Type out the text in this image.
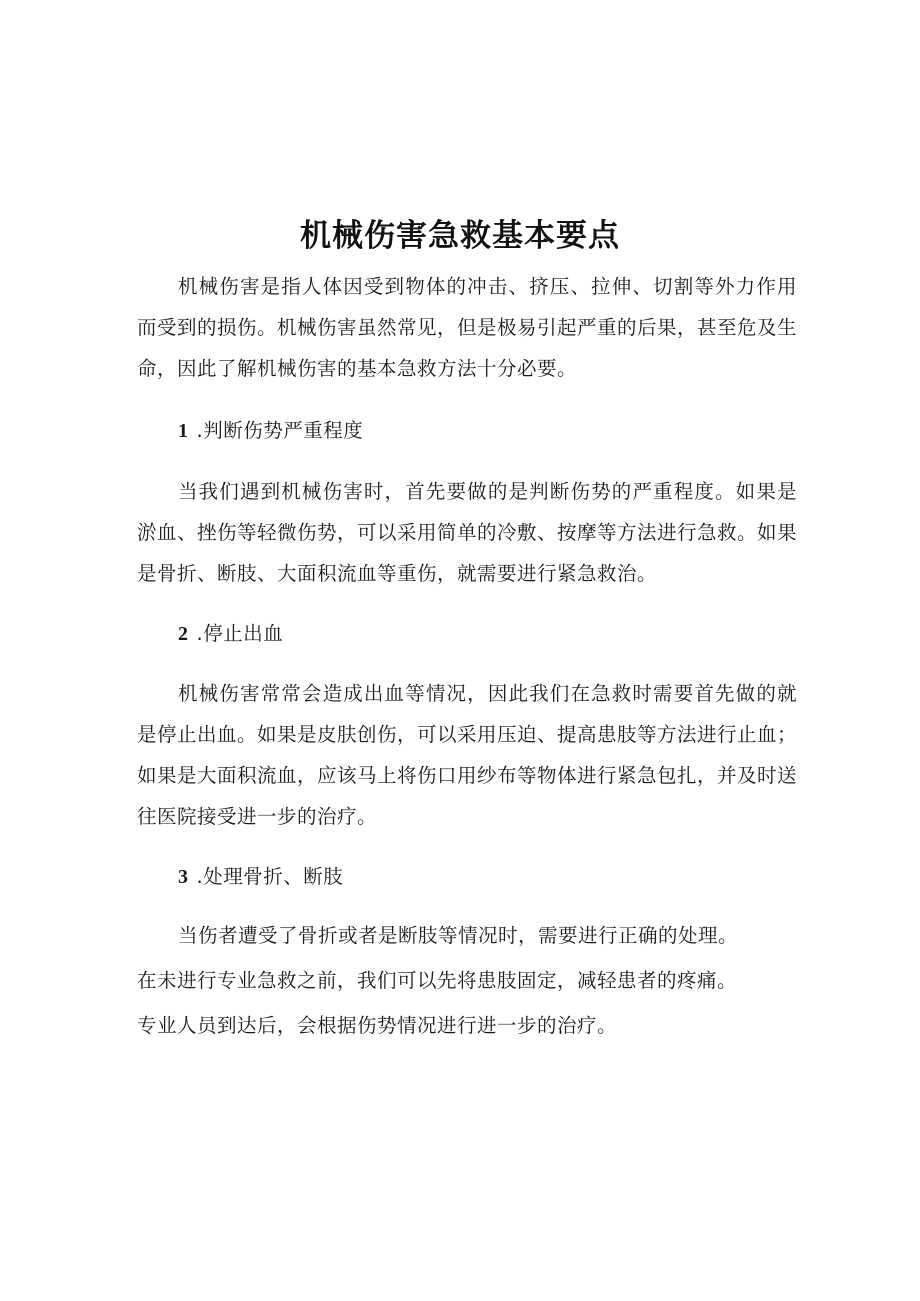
机械伤害急救基本要点

机械伤害是指人体因受到物体的冲击、挤压、拉伸、切割等外力作用而受到的损伤。机械伤害虽然常见，但是极易引起严重的后果，甚至危及生命，因此了解机械伤害的基本急救方法十分必要。

1 .判断伤势严重程度

当我们遇到机械伤害时，首先要做的是判断伤势的严重程度。如果是淤血、挫伤等轻微伤势，可以采用简单的冷敷、按摩等方法进行急救。如果是骨折、断肢、大面积流血等重伤，就需要进行紧急救治。

2 .停止出血

机械伤害常常会造成出血等情况，因此我们在急救时需要首先做的就是停止出血。如果是皮肤创伤，可以采用压迫、提高患肢等方法进行止血；如果是大面积流血，应该马上将伤口用纱布等物体进行紧急包扎，并及时送往医院接受进一步的治疗。

3 .处理骨折、断肢

当伤者遭受了骨折或者是断肢等情况时，需要进行正确的处理。

在未进行专业急救之前，我们可以先将患肢固定，减轻患者的疼痛。

专业人员到达后，会根据伤势情况进行进一步的治疗。
